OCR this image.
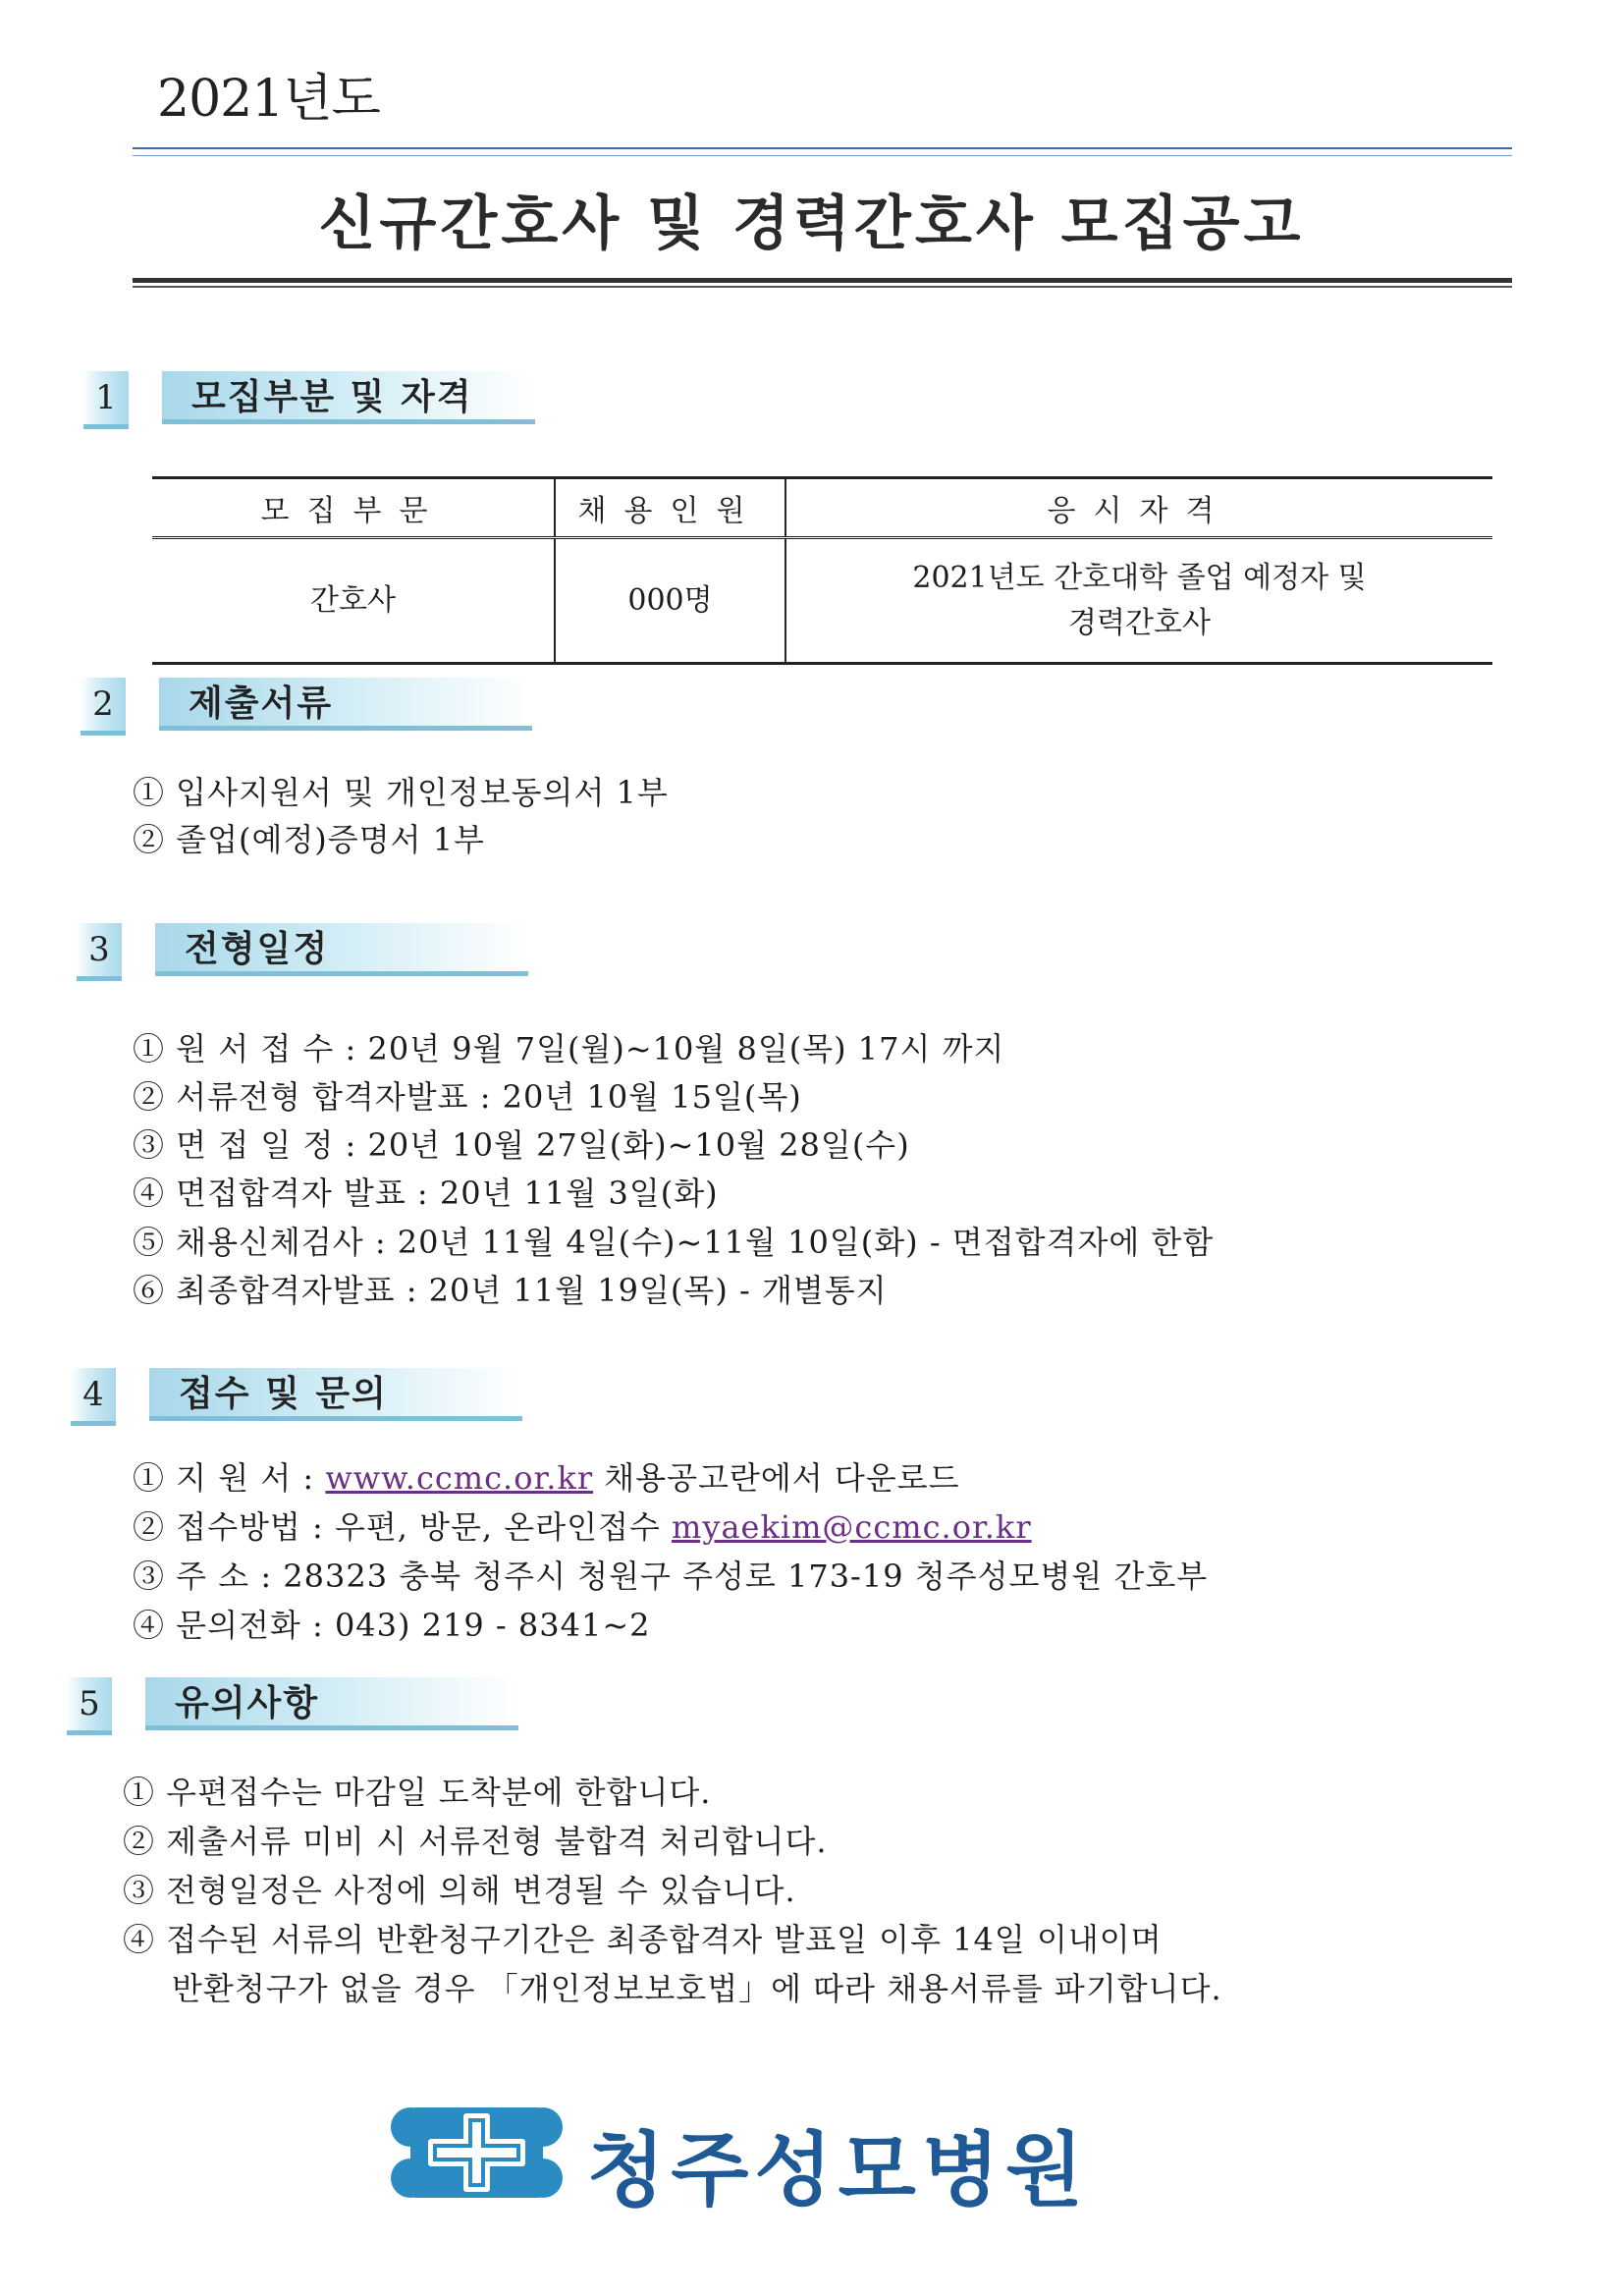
2021년도
신규간호사 및 경력간호사 모집공고
1	모집부분 및 자격
모집부문	채용인원	응시자격
간호사	000명	2021년도 간호대학 졸업 예정자 및
경력간호사
2	제출서류
① 입사지원서 및 개인정보동의서 1부
② 졸업(예정)증명서 1부
3	전형일정
① 원 서 접 수 : 20년 9월 7일(월)~10월 8일(목) 17시 까지
② 서류전형 합격자발표 : 20년 10월 15일(목)
③ 면 접 일 정 : 20년 10월 27일(화)~10월 28일(수)
④ 면접합격자 발표 : 20년 11월 3일(화)
⑤ 채용신체검사 : 20년 11월 4일(수)~11월 10일(화) - 면접합격자에 한함
⑥ 최종합격자발표 : 20년 11월 19일(목) - 개별통지
4	접수 및 문의
① 지 원 서 : www.ccmc.or.kr 채용공고란에서 다운로드
② 접수방법 : 우편, 방문, 온라인접수 myaekim@ccmc.or.kr
③ 주 소 : 28323 충북 청주시 청원구 주성로 173-19 청주성모병원 간호부
④ 문의전화 : 043) 219 - 8341~2
5	유의사항
① 우편접수는 마감일 도착분에 한합니다.
② 제출서류 미비 시 서류전형 불합격 처리합니다.
③ 전형일정은 사정에 의해 변경될 수 있습니다.
④ 접수된 서류의 반환청구기간은 최종합격자 발표일 이후 14일 이내이며
반환청구가 없을 경우 「개인정보보호법」에 따라 채용서류를 파기합니다.
청주성모병원
